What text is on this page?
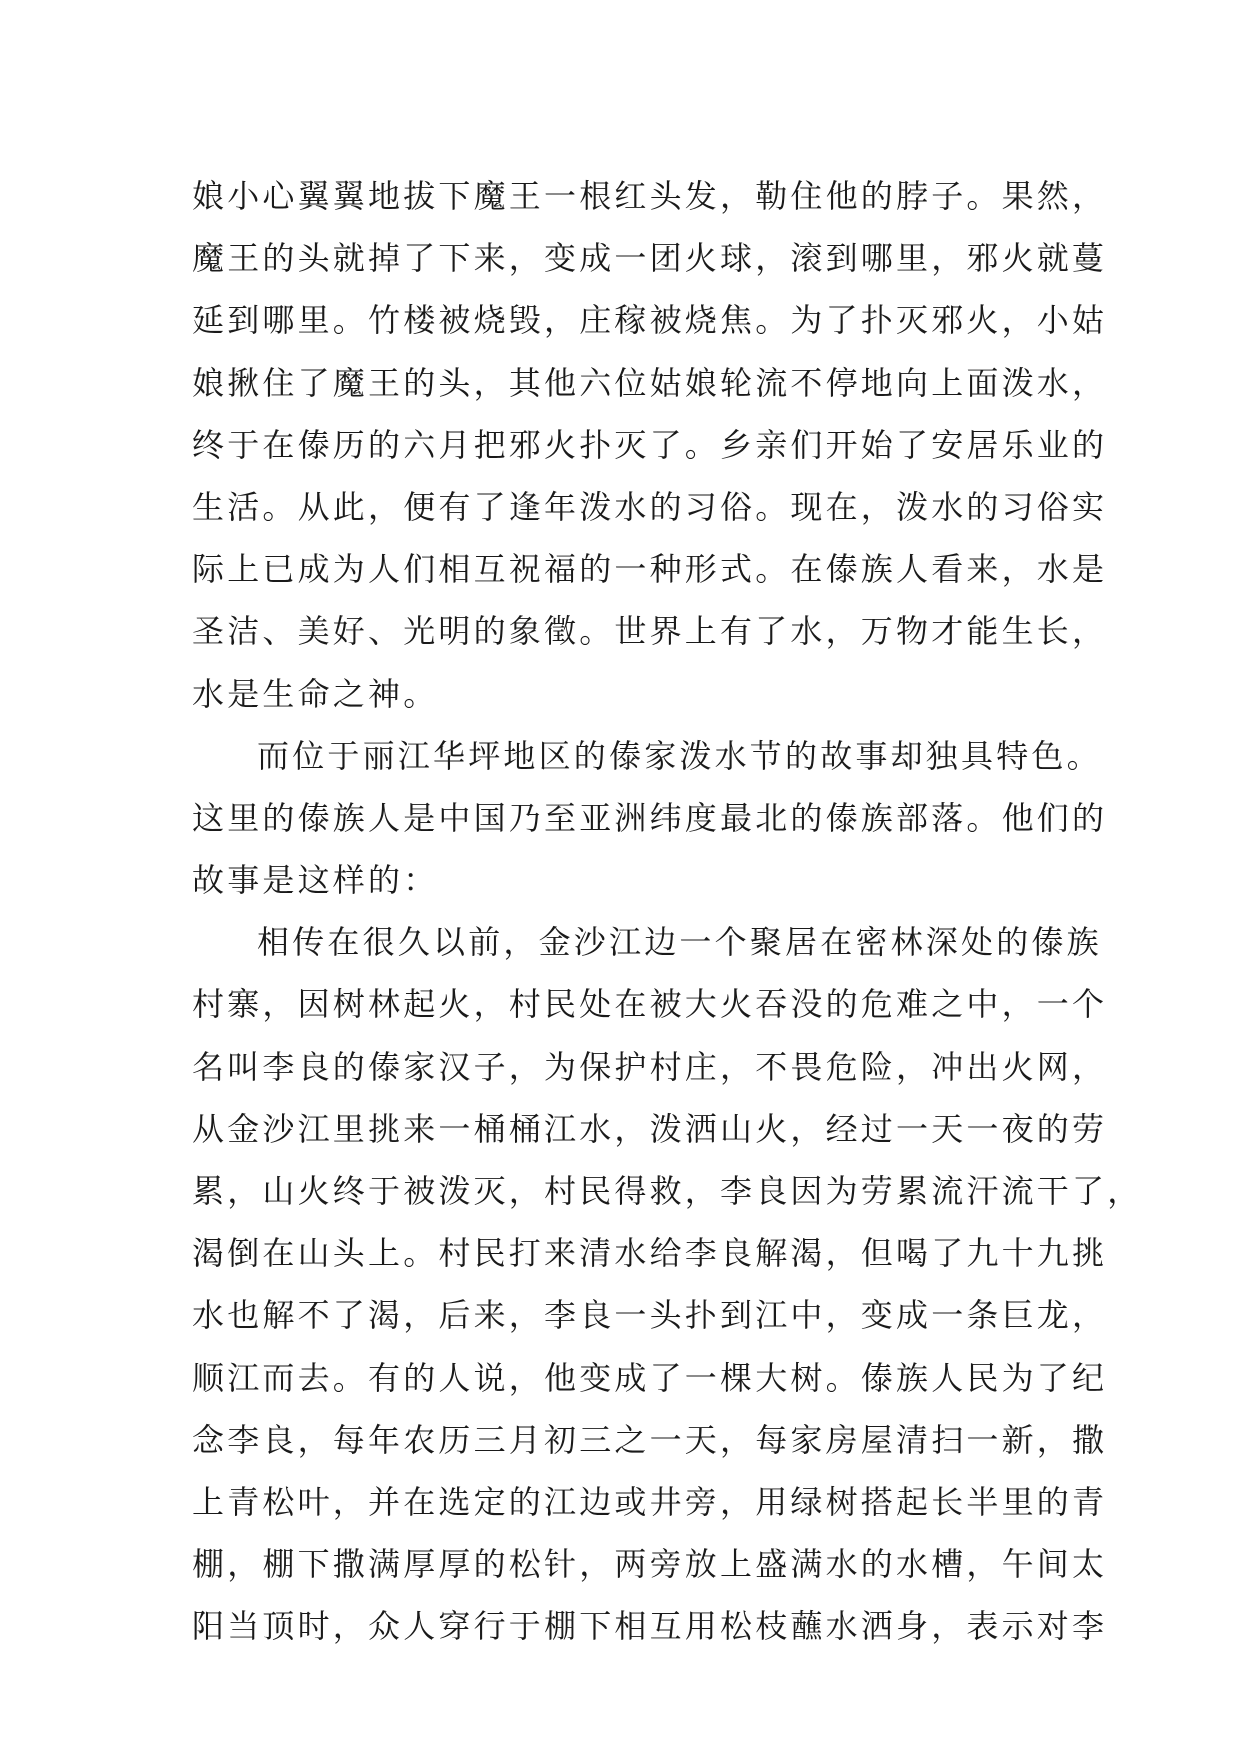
娘小心翼翼地拔下魔王一根红头发，勒住他的脖子。果然，
魔王的头就掉了下来，变成一团火球，滚到哪里，邪火就蔓
延到哪里。竹楼被烧毁，庄稼被烧焦。为了扑灭邪火，小姑
娘揪住了魔王的头，其他六位姑娘轮流不停地向上面泼水，
终于在傣历的六月把邪火扑灭了。乡亲们开始了安居乐业的
生活。从此，便有了逢年泼水的习俗。现在，泼水的习俗实
际上已成为人们相互祝福的一种形式。在傣族人看来，水是
圣洁、美好、光明的象徵。世界上有了水，万物才能生长，
水是生命之神。
而位于丽江华坪地区的傣家泼水节的故事却独具特色。
这里的傣族人是中国乃至亚洲纬度最北的傣族部落。他们的
故事是这样的：
相传在很久以前，金沙江边一个聚居在密林深处的傣族
村寨，因树林起火，村民处在被大火吞没的危难之中，一个
名叫李良的傣家汉子，为保护村庄，不畏危险，冲出火网，
从金沙江里挑来一桶桶江水，泼洒山火，经过一天一夜的劳
累，山火终于被泼灭，村民得救，李良因为劳累流汗流干了，
渴倒在山头上。村民打来清水给李良解渴，但喝了九十九挑
水也解不了渴，后来，李良一头扑到江中，变成一条巨龙，
顺江而去。有的人说，他变成了一棵大树。傣族人民为了纪
念李良，每年农历三月初三之一天，每家房屋清扫一新，撒
上青松叶，并在选定的江边或井旁，用绿树搭起长半里的青
棚，棚下撒满厚厚的松针，两旁放上盛满水的水槽，午间太
阳当顶时，众人穿行于棚下相互用松枝蘸水洒身，表示对李
